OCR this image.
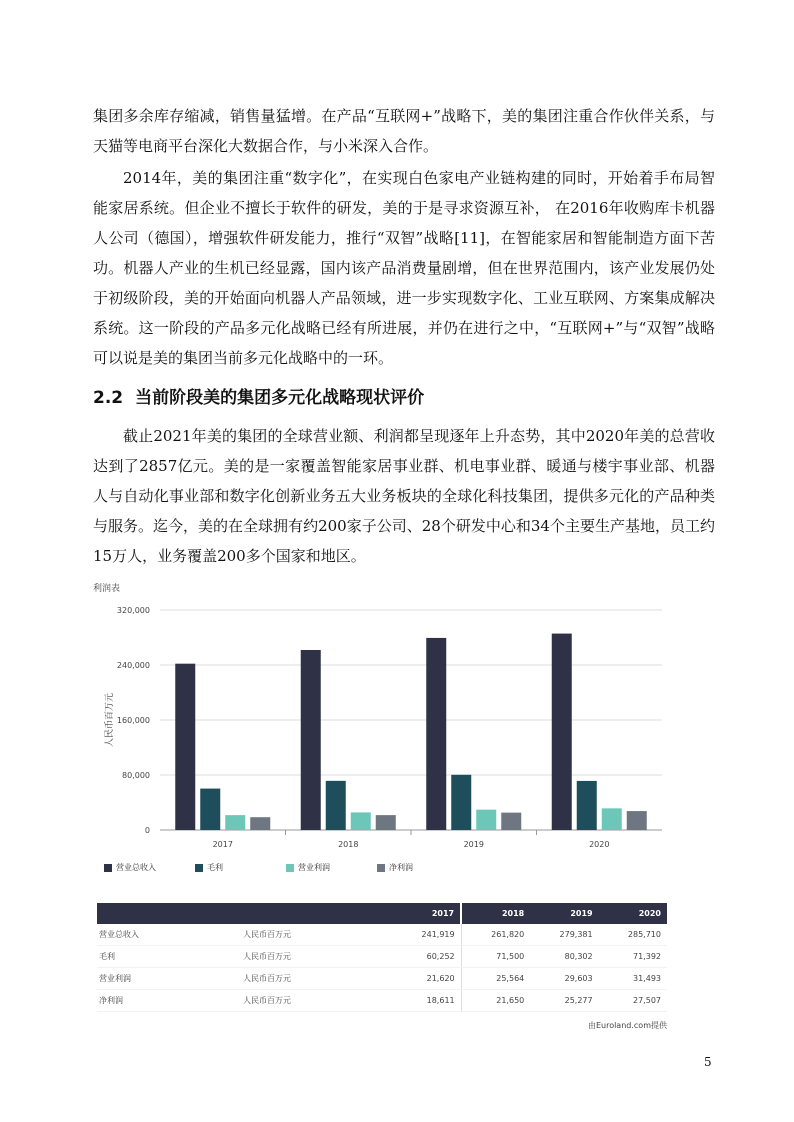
集团多余库存缩减，销售量猛增。在产品“互联网+”战略下，美的集团注重合作伙伴关系，与天猫等电商平台深化大数据合作，与小米深入合作。

2014年，美的集团注重“数字化”，在实现白色家电产业链构建的同时，开始着手布局智能家居系统。但企业不擅长于软件的研发，美的于是寻求资源互补， 在2016年收购库卡机器人公司（德国），增强软件研发能力，推行“双智”战略[11]，在智能家居和智能制造方面下苦功。机器人产业的生机已经显露，国内该产品消费量剧增，但在世界范围内，该产业发展仍处于初级阶段，美的开始面向机器人产品领域，进一步实现数字化、工业互联网、方案集成解决系统。这一阶段的产品多元化战略已经有所进展，并仍在进行之中，“互联网+”与“双智”战略可以说是美的集团当前多元化战略中的一环。

2.2 当前阶段美的集团多元化战略现状评价

截止2021年美的集团的全球营业额、利润都呈现逐年上升态势，其中2020年美的总营收达到了2857亿元。美的是一家覆盖智能家居事业群、机电事业群、暖通与楼宇事业部、机器人与自动化事业部和数字化创新业务五大业务板块的全球化科技集团，提供多元化的产品种类与服务。迄今，美的在全球拥有约200家子公司、28个研发中心和34个主要生产基地，员工约15万人，业务覆盖200多个国家和地区。

利润表
人民币百万元
0
80,000
160,000
240,000
320,000
2017	2018	2019	2020
营业总收入	毛利	营业利润	净利润
		2017	2018	2019	2020
营业总收入	人民币百万元	241,919	261,820	279,381	285,710
毛利	人民币百万元	60,252	71,500	80,302	71,392
营业利润	人民币百万元	21,620	25,564	29,603	31,493
净利润	人民币百万元	18,611	21,650	25,277	27,507
由Euroland.com提供
5
